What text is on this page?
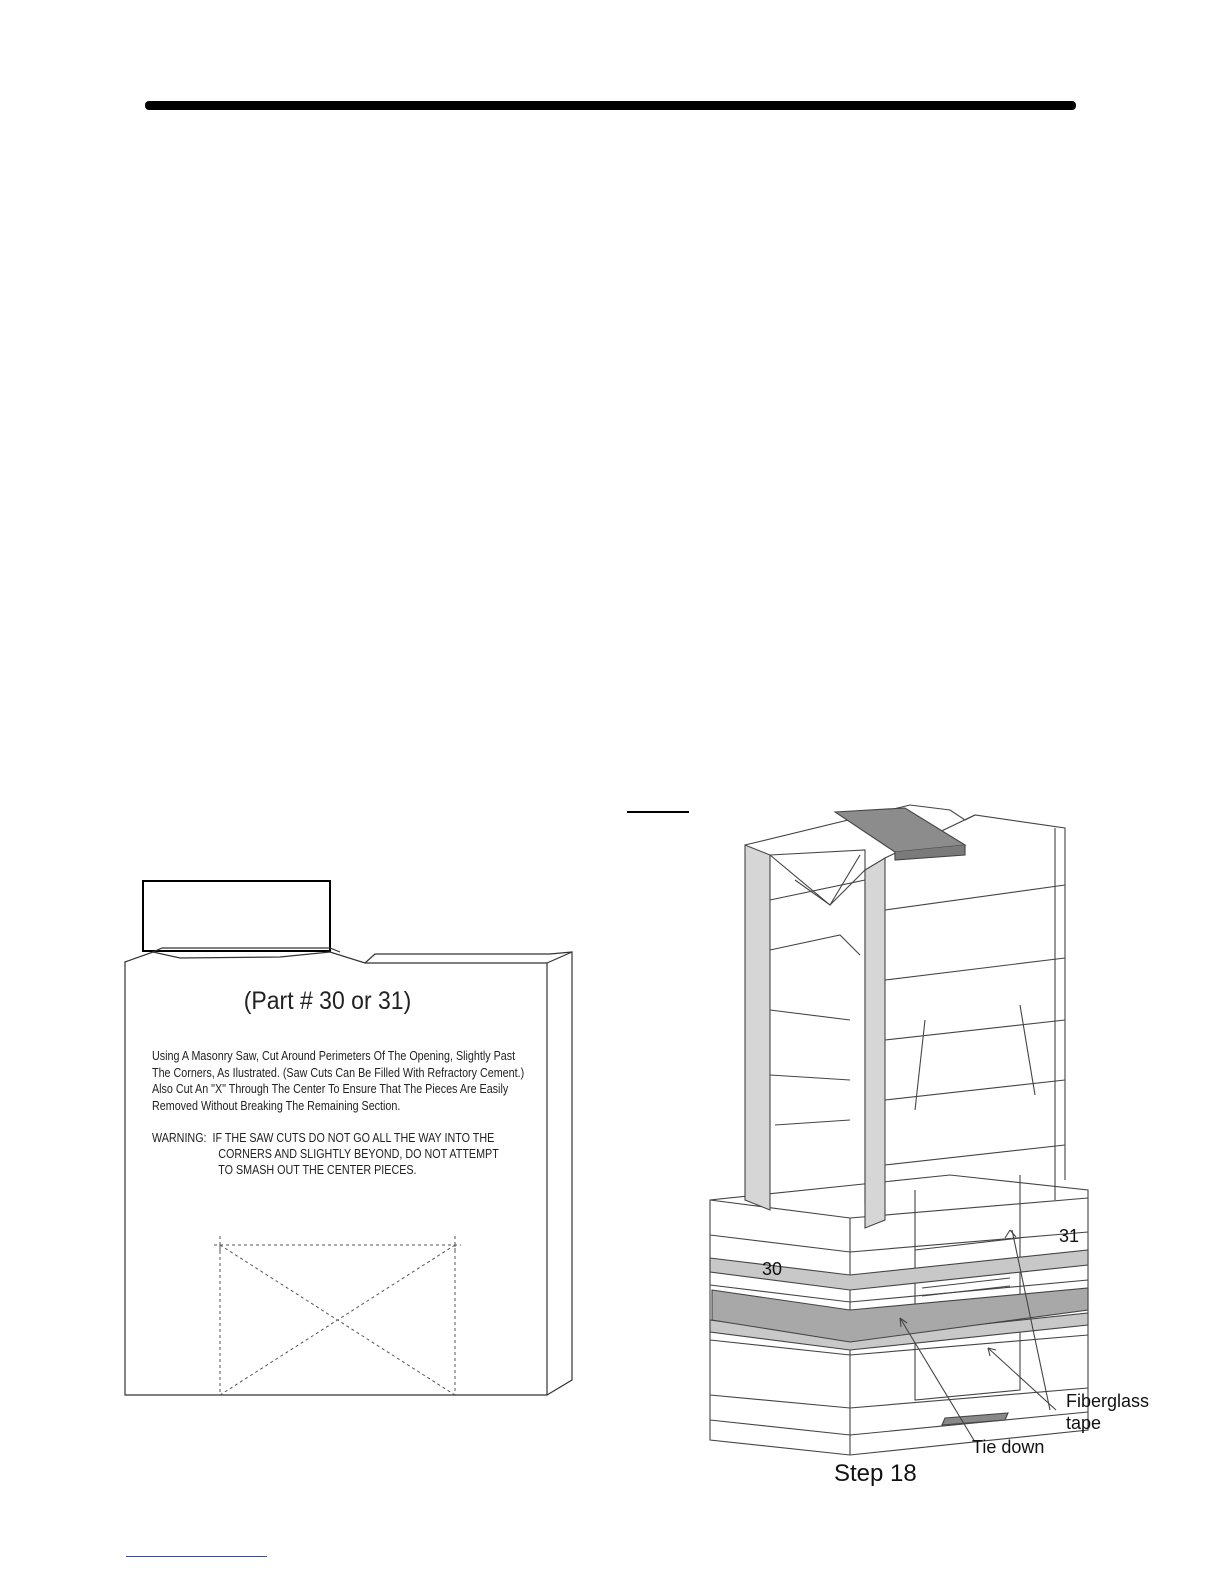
(Part # 30 or 31)
Using A Masonry Saw, Cut Around Perimeters Of The Opening, Slightly Past
The Corners, As Ilustrated. (Saw Cuts Can Be Filled With Refractory Cement.)
Also Cut An "X" Through The Center To Ensure That The Pieces Are Easily
Removed Without Breaking The Remaining Section.
WARNING: IF THE SAW CUTS DO NOT GO ALL THE WAY INTO THE
CORNERS AND SLIGHTLY BEYOND, DO NOT ATTEMPT
TO SMASH OUT THE CENTER PIECES.
30
31
Fiberglass
tape
Tie down
Step 18
